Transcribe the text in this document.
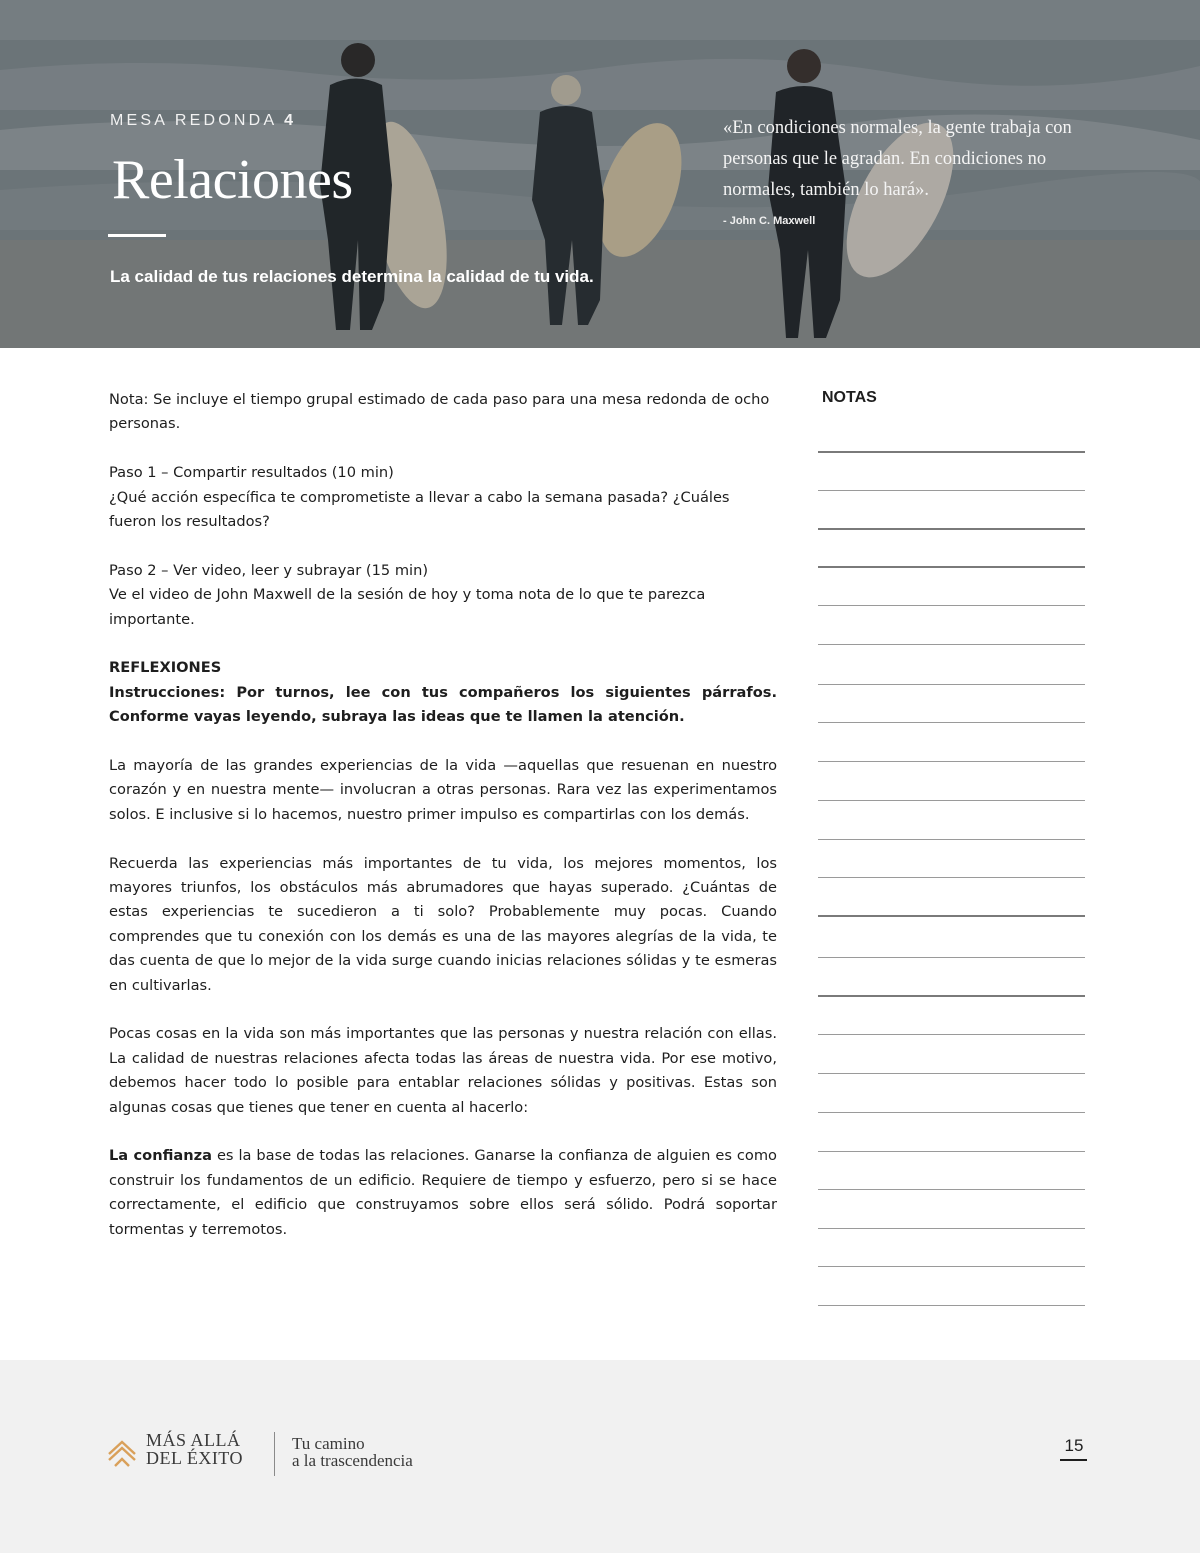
MESA REDONDA 4
Relaciones
La calidad de tus relaciones determina la calidad de tu vida.
«En condiciones normales, la gente trabaja con personas que le agradan. En condiciones no normales, también lo hará».
- John C. Maxwell

Nota: Se incluye el tiempo grupal estimado de cada paso para una mesa redonda de ocho personas.

Paso 1 – Compartir resultados (10 min)
¿Qué acción específica te comprometiste a llevar a cabo la semana pasada? ¿Cuáles fueron los resultados?

Paso 2 – Ver video, leer y subrayar (15 min)
Ve el video de John Maxwell de la sesión de hoy y toma nota de lo que te parezca importante.

REFLEXIONES
Instrucciones: Por turnos, lee con tus compañeros los siguientes párrafos. Conforme vayas leyendo, subraya las ideas que te llamen la atención.

La mayoría de las grandes experiencias de la vida —aquellas que resuenan en nuestro corazón y en nuestra mente— involucran a otras personas. Rara vez las experimentamos solos. E inclusive si lo hacemos, nuestro primer impulso es compartirlas con los demás.

Recuerda las experiencias más importantes de tu vida, los mejores momentos, los mayores triunfos, los obstáculos más abrumadores que hayas superado. ¿Cuántas de estas experiencias te sucedieron a ti solo? Probablemente muy pocas. Cuando comprendes que tu conexión con los demás es una de las mayores alegrías de la vida, te das cuenta de que lo mejor de la vida surge cuando inicias relaciones sólidas y te esmeras en cultivarlas.

Pocas cosas en la vida son más importantes que las personas y nuestra relación con ellas. La calidad de nuestras relaciones afecta todas las áreas de nuestra vida. Por ese motivo, debemos hacer todo lo posible para entablar relaciones sólidas y positivas. Estas son algunas cosas que tienes que tener en cuenta al hacerlo:

La confianza es la base de todas las relaciones. Ganarse la confianza de alguien es como construir los fundamentos de un edificio. Requiere de tiempo y esfuerzo, pero si se hace correctamente, el edificio que construyamos sobre ellos será sólido. Podrá soportar tormentas y terremotos.

NOTAS
MÁS ALLÁ
DEL ÉXITO
Tu camino
a la trascendencia
15
